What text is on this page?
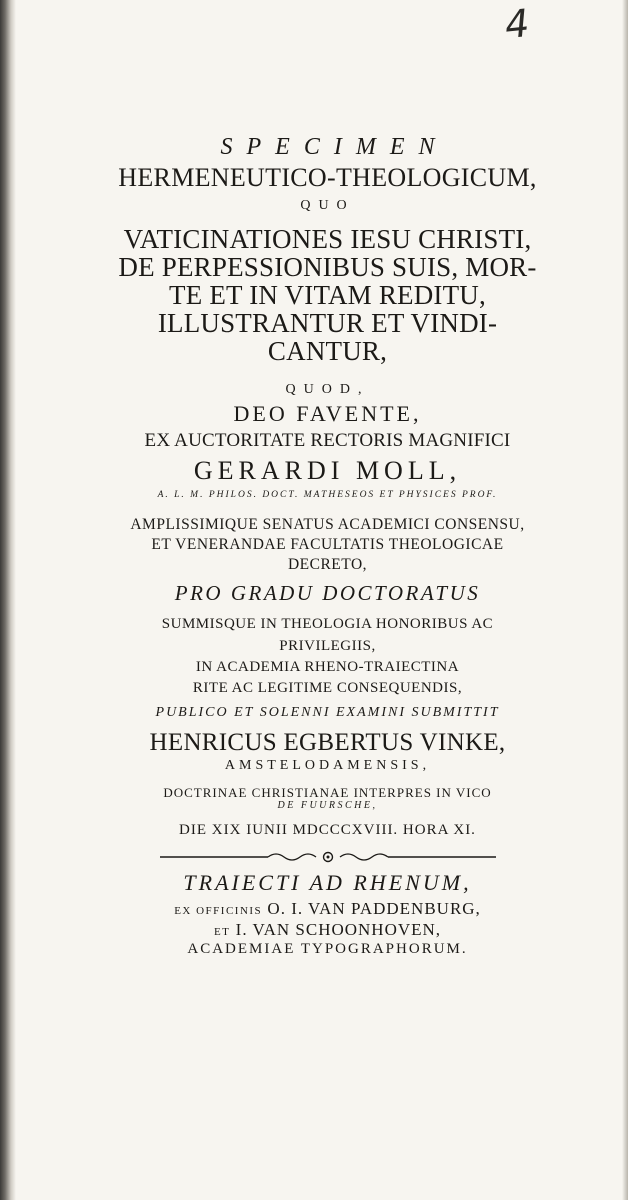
4
SPECIMEN
HERMENEUTICO-THEOLOGICUM,
QUO
VATICINATIONES IESU CHRISTI,
DE PERPESSIONIBUS SUIS, MOR-
TE ET IN VITAM REDITU,
ILLUSTRANTUR ET VINDI-
CANTUR,
QUOD,
DEO FAVENTE,
EX AUCTORITATE RECTORIS MAGNIFICI
GERARDI MOLL,
A. L. M. PHILOS. DOCT. MATHESEOS ET PHYSICES PROF.
AMPLISSIMIQUE SENATUS ACADEMICI CONSENSU,
ET VENERANDAE FACULTATIS THEOLOGICAE
DECRETO,
PRO GRADU DOCTORATUS
SUMMISQUE IN THEOLOGIA HONORIBUS AC
PRIVILEGIIS,
IN ACADEMIA RHENO-TRAIECTINA
RITE AC LEGITIME CONSEQUENDIS,
PUBLICO ET SOLENNI EXAMINI SUBMITTIT
HENRICUS EGBERTUS VINKE,
AMSTELODAMENSIS,
DOCTRINAE CHRISTIANAE INTERPRES IN VICO
DE FUURSCHE,
DIE XIX IUNII MDCCCXVIII. HORA XI.
TRAIECTI AD RHENUM,
EX OFFICINIS O. I. VAN PADDENBURG,
ET I. VAN SCHOONHOVEN,
ACADEMIAE TYPOGRAPHORUM.
